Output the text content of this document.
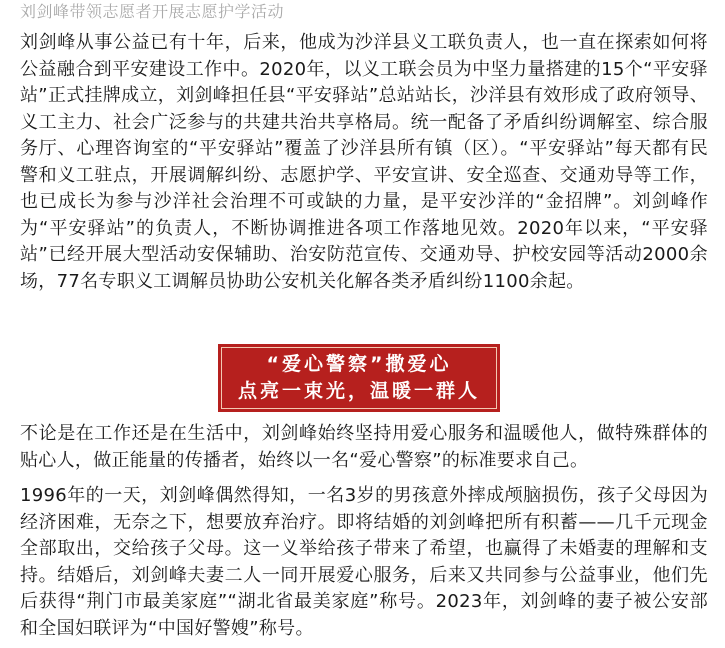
刘剑峰带领志愿者开展志愿护学活动

刘剑峰从事公益已有十年，后来，他成为沙洋县义工联负责人，也一直在探索如何将公益融合到平安建设工作中。2020年，以义工联会员为中坚力量搭建的15个“平安驿站”正式挂牌成立，刘剑峰担任县“平安驿站”总站站长，沙洋县有效形成了政府领导、义工主力、社会广泛参与的共建共治共享格局。统一配备了矛盾纠纷调解室、综合服务厅、心理咨询室的“平安驿站”覆盖了沙洋县所有镇（区）。“平安驿站”每天都有民警和义工驻点，开展调解纠纷、志愿护学、平安宣讲、安全巡查、交通劝导等工作，也已成长为参与沙洋社会治理不可或缺的力量，是平安沙洋的“金招牌”。刘剑峰作为“平安驿站”的负责人，不断协调推进各项工作落地见效。2020年以来，“平安驿站”已经开展大型活动安保辅助、治安防范宣传、交通劝导、护校安园等活动2000余场，77名专职义工调解员协助公安机关化解各类矛盾纠纷1100余起。

“爱心警察”撒爱心
点亮一束光，温暖一群人

不论是在工作还是在生活中，刘剑峰始终坚持用爱心服务和温暖他人，做特殊群体的贴心人，做正能量的传播者，始终以一名“爱心警察”的标准要求自己。

1996年的一天，刘剑峰偶然得知，一名3岁的男孩意外摔成颅脑损伤，孩子父母因为经济困难，无奈之下，想要放弃治疗。即将结婚的刘剑峰把所有积蓄——几千元现金全部取出，交给孩子父母。这一义举给孩子带来了希望，也赢得了未婚妻的理解和支持。结婚后，刘剑峰夫妻二人一同开展爱心服务，后来又共同参与公益事业，他们先后获得“荆门市最美家庭”“湖北省最美家庭”称号。2023年，刘剑峰的妻子被公安部和全国妇联评为“中国好警嫂”称号。
